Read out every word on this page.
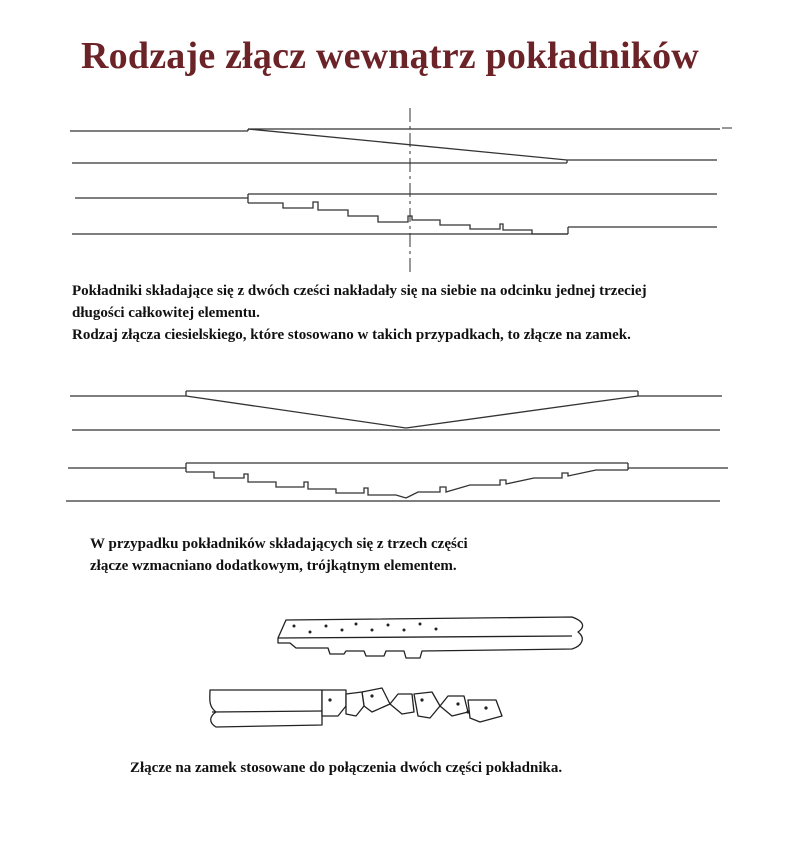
Rodzaje złącz wewnątrz pokładników
Pokładniki składające się z dwóch cześci nakładały się na siebie na odcinku jednej trzeciej
długości całkowitej elementu.
Rodzaj złącza ciesielskiego, które stosowano w takich przypadkach, to złącze na zamek.
W przypadku pokładników składających się z trzech części
złącze wzmacniano dodatkowym, trójkątnym elementem.
Złącze na zamek stosowane do połączenia dwóch części pokładnika.
